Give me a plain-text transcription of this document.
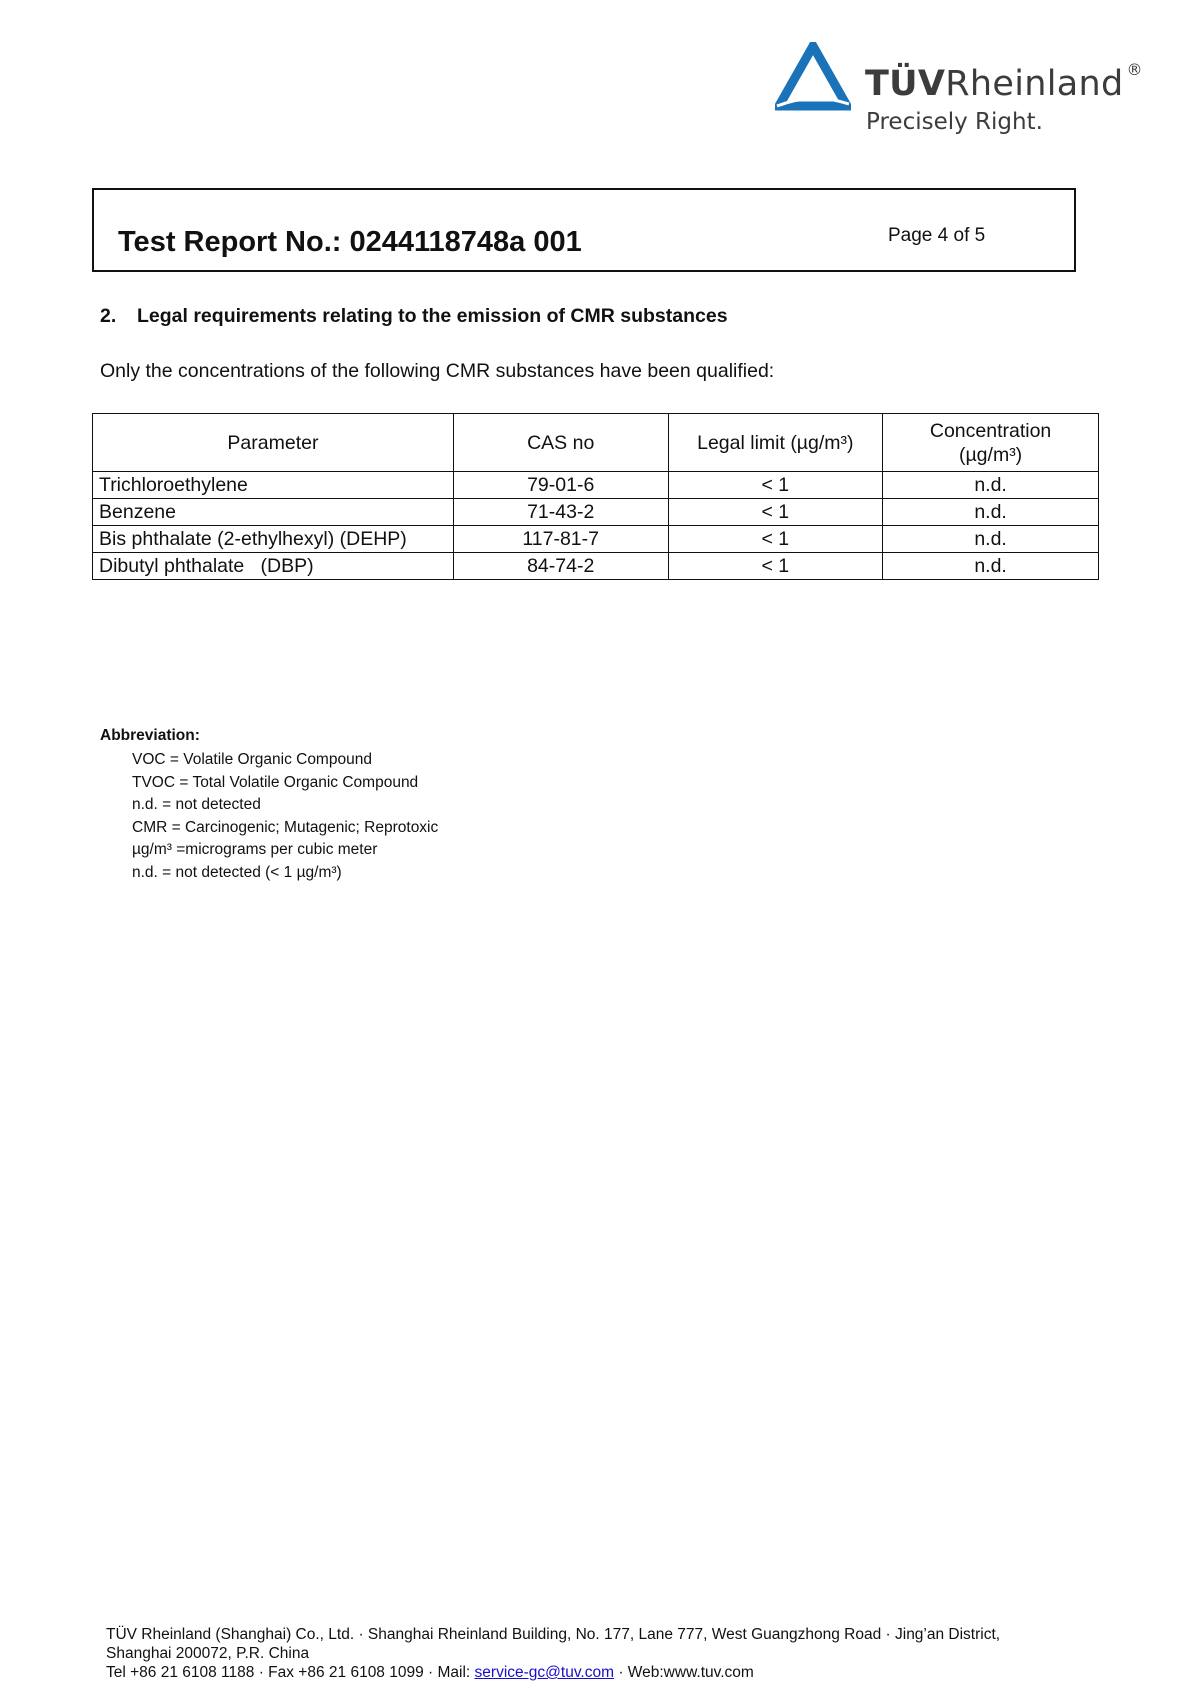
TÜVRheinland ®
Precisely Right.
Test Report No.: 0244118748a 001	Page 4 of 5
2. Legal requirements relating to the emission of CMR substances
Only the concentrations of the following CMR substances have been qualified:
Parameter	CAS no	Legal limit (µg/m³)	Concentration
(µg/m³)
Trichloroethylene	79-01-6	< 1	n.d.
Benzene	71-43-2	< 1	n.d.
Bis phthalate (2-ethylhexyl) (DEHP)	117-81-7	< 1	n.d.
Dibutyl phthalate   (DBP)	84-74-2	< 1	n.d.
Abbreviation:
VOC = Volatile Organic Compound
TVOC = Total Volatile Organic Compound
n.d. = not detected
CMR = Carcinogenic; Mutagenic; Reprotoxic
µg/m³ =micrograms per cubic meter
n.d. = not detected (< 1 µg/m³)
TÜV Rheinland (Shanghai) Co., Ltd. · Shanghai Rheinland Building, No. 177, Lane 777, West Guangzhong Road · Jing’an District,
Shanghai 200072, P.R. China
Tel +86 21 6108 1188 · Fax +86 21 6108 1099 · Mail: service-gc@tuv.com · Web:www.tuv.com
